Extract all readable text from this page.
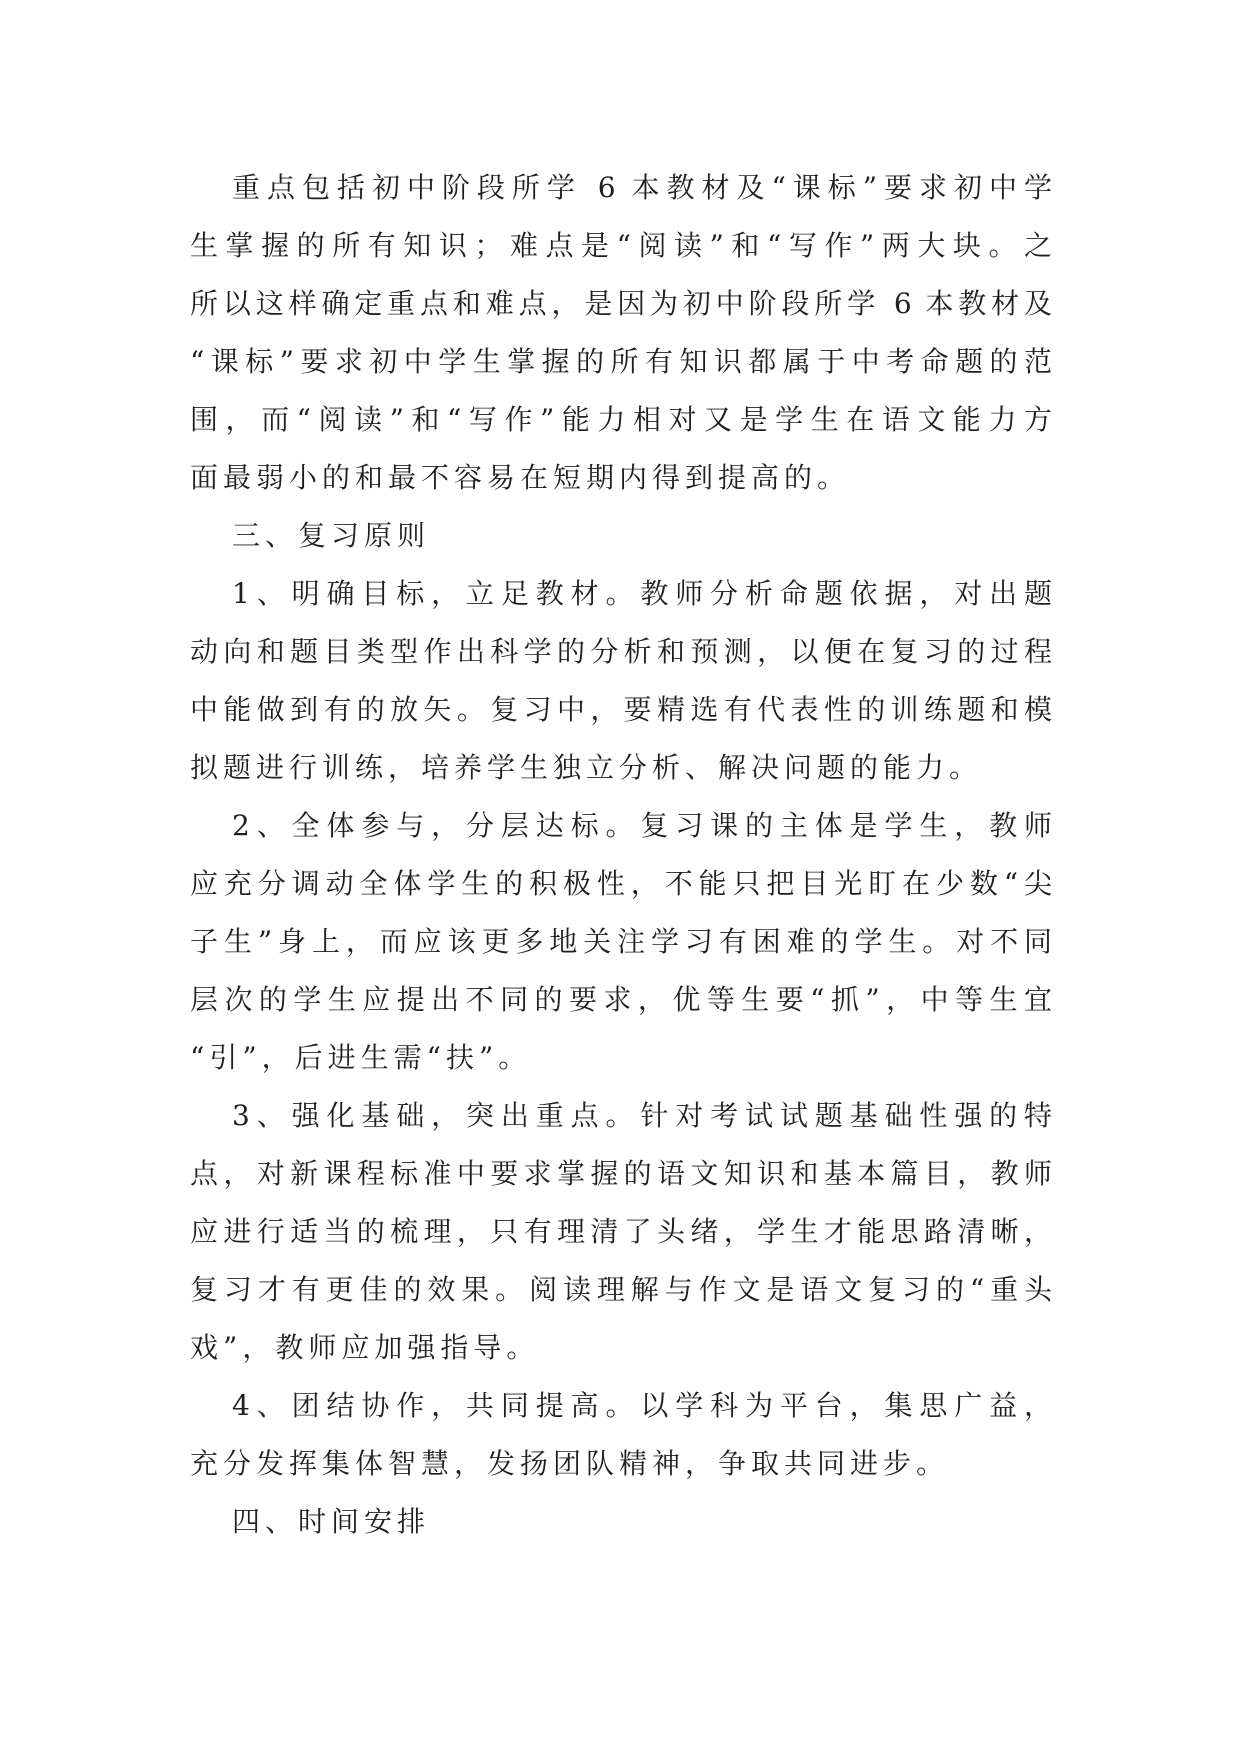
重点包括初中阶段所学 6 本教材及“课标”要求初中学
生掌握的所有知识；难点是“阅读”和“写作”两大块。之
所以这样确定重点和难点，是因为初中阶段所学 6 本教材及
“课标”要求初中学生掌握的所有知识都属于中考命题的范
围，而“阅读”和“写作”能力相对又是学生在语文能力方
面最弱小的和最不容易在短期内得到提高的。
三、复习原则
1、明确目标，立足教材。教师分析命题依据，对出题
动向和题目类型作出科学的分析和预测，以便在复习的过程
中能做到有的放矢。复习中，要精选有代表性的训练题和模
拟题进行训练，培养学生独立分析、解决问题的能力。
2、全体参与，分层达标。复习课的主体是学生，教师
应充分调动全体学生的积极性，不能只把目光盯在少数“尖
子生”身上，而应该更多地关注学习有困难的学生。对不同
层次的学生应提出不同的要求，优等生要“抓”，中等生宜
“引”，后进生需“扶”。
3、强化基础，突出重点。针对考试试题基础性强的特
点，对新课程标准中要求掌握的语文知识和基本篇目，教师
应进行适当的梳理，只有理清了头绪，学生才能思路清晰，
复习才有更佳的效果。阅读理解与作文是语文复习的“重头
戏”，教师应加强指导。
4、团结协作，共同提高。以学科为平台，集思广益，
充分发挥集体智慧，发扬团队精神，争取共同进步。
四、时间安排
